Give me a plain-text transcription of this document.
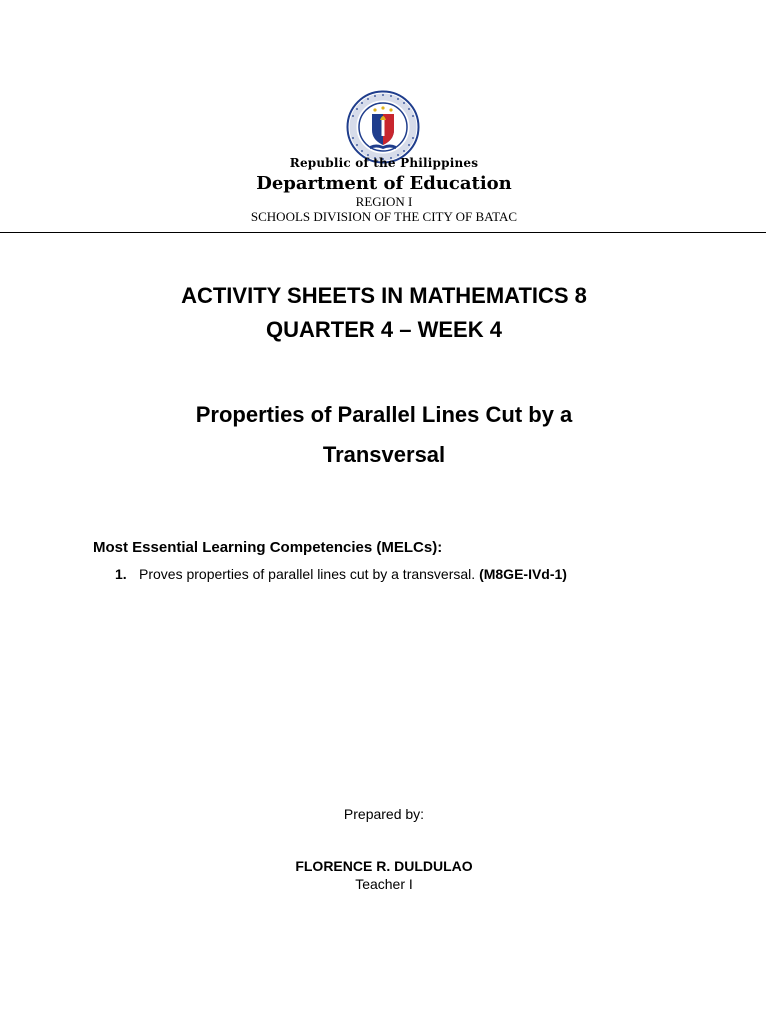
Republic of the Philippines

Department of Education

REGION I

SCHOOLS DIVISION OF THE CITY OF BATAC

ACTIVITY SHEETS IN MATHEMATICS 8
QUARTER 4 – WEEK 4
Properties of Parallel Lines Cut by a
Transversal
Most Essential Learning Competencies (MELCs):
1. Proves properties of parallel lines cut by a transversal. (M8GE-IVd-1)
Prepared by:
FLORENCE R. DULDULAO
Teacher I
